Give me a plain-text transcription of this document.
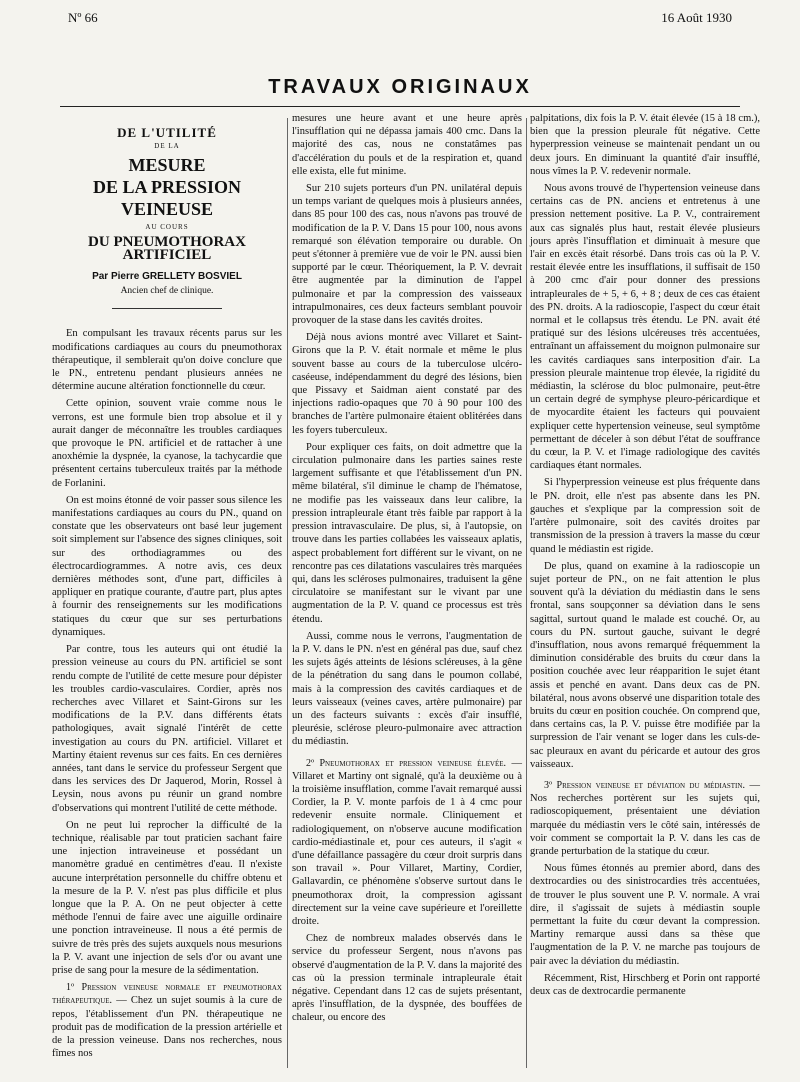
Nº 66	16 Août 1930
TRAVAUX ORIGINAUX
DE L'UTILITÉ
DE LA
MESURE
DE LA PRESSION VEINEUSE
AU COURS
DU PNEUMOTHORAX ARTIFICIEL
Par Pierre GRELLETY BOSVIEL
Ancien chef de clinique.

En compulsant les travaux récents parus sur les modifications cardiaques au cours du pneumothorax thérapeutique, il semblerait qu'on doive conclure que le PN., entretenu pendant plusieurs années ne détermine aucune altération fonctionnelle du cœur.

Cette opinion, souvent vraie comme nous le verrons, est une formule bien trop absolue et il y aurait danger de méconnaître les troubles cardiaques que provoque le PN. artificiel et de rattacher à une anoxhémie la dyspnée, la cyanose, la tachycardie que présentent certains tuberculeux traités par la méthode de Forlanini.

On est moins étonné de voir passer sous silence les manifestations cardiaques au cours du PN., quand on constate que les observateurs ont basé leur jugement soit simplement sur l'absence des signes cliniques, soit sur des orthodiagrammes ou des électrocardiogrammes. A notre avis, ces deux dernières méthodes sont, d'une part, difficiles à appliquer en pratique courante, d'autre part, plus aptes à fournir des renseignements sur les modifications statiques du cœur que sur ses perturbations dynamiques.

Par contre, tous les auteurs qui ont étudié la pression veineuse au cours du PN. artificiel se sont rendu compte de l'utilité de cette mesure pour dépister les troubles cardio-vasculaires. Cordier, après nos recherches avec Villaret et Saint-Girons sur les modifications de la P.V. dans différents états pathologiques, avait signalé l'intérêt de cette investigation au cours du PN. artificiel. Villaret et Martiny étaient revenus sur ces faits. En ces dernières années, tant dans le service du professeur Sergent que dans les services des Dr Jaquerod, Morin, Rossel à Leysin, nous avons pu réunir un grand nombre d'observations qui montrent l'utilité de cette méthode.

On ne peut lui reprocher la difficulté de la technique, réalisable par tout praticien sachant faire une injection intraveineuse et possédant un manomètre gradué en centimètres d'eau. Il n'existe aucune interprétation personnelle du chiffre obtenu et la mesure de la P. V. n'est pas plus difficile et plus longue que la P. A. On ne peut objecter à cette méthode l'ennui de faire avec une aiguille ordinaire une ponction intraveineuse. Il nous a été permis de suivre de très près des sujets auxquels nous mesurions la P. V. avant une injection de sels d'or ou avant une prise de sang pour la mesure de la sédimentation.

1º Pression veineuse normale et pneumothorax thérapeutique. — Chez un sujet soumis à la cure de repos, l'établissement d'un PN. thérapeutique ne produit pas de modification de la pression artérielle et de la pression veineuse. Dans nos recherches, nous fîmes nos

mesures une heure avant et une heure après l'insufflation qui ne dépassa jamais 400 cmc. Dans la majorité des cas, nous ne constatâmes pas d'accélération du pouls et de la respiration et, quand elle exista, elle fut minime.

Sur 210 sujets porteurs d'un PN. unilatéral depuis un temps variant de quelques mois à plusieurs années, dans 85 pour 100 des cas, nous n'avons pas trouvé de modification de la P. V. Dans 15 pour 100, nous avons remarqué son élévation temporaire ou durable. On peut s'étonner à première vue de voir le PN. aussi bien supporté par le cœur. Théoriquement, la P. V. devrait être augmentée par la diminution de l'appel pulmonaire et par la compression des vaisseaux intrapulmonaires, ces deux facteurs semblant pouvoir provoquer de la stase dans les cavités droites.

Déjà nous avions montré avec Villaret et Saint-Girons que la P. V. était normale et même le plus souvent basse au cours de la tuberculose ulcéro-caséeuse, indépendamment du degré des lésions, bien que Pissavy et Saidman aient constaté par des injections radio-opaques que 70 à 90 pour 100 des branches de l'artère pulmonaire étaient oblitérées dans les foyers tuberculeux.

Pour expliquer ces faits, on doit admettre que la circulation pulmonaire dans les parties saines reste largement suffisante et que l'établissement d'un PN. même bilatéral, s'il diminue le champ de l'hématose, ne modifie pas les vaisseaux dans leur calibre, la pression intrapleurale étant très faible par rapport à la pression intravasculaire. De plus, si, à l'autopsie, on trouve dans les parties collabées les vaisseaux aplatis, aspect probablement fort différent sur le vivant, on ne rencontre pas ces dilatations vasculaires très marquées qui, dans les scléroses pulmonaires, traduisent la gêne circulatoire se manifestant sur le vivant par une augmentation de la P. V. quand ce processus est très étendu.

Aussi, comme nous le verrons, l'augmentation de la P. V. dans le PN. n'est en général pas due, sauf chez les sujets âgés atteints de lésions scléreuses, à la gêne de la pénétration du sang dans le poumon collabé, mais à la compression des cavités cardiaques et de leurs vaisseaux (veines caves, artère pulmonaire) par un des facteurs suivants : excès d'air insufflé, pleurésie, sclérose pleuro-pulmonaire avec attraction du médiastin.

2º Pneumothorax et pression veineuse élevée. — Villaret et Martiny ont signalé, qu'à la deuxième ou à la troisième insufflation, comme l'avait remarqué aussi Cordier, la P. V. monte parfois de 1 à 4 cmc pour redevenir ensuite normale. Cliniquement et radiologiquement, on n'observe aucune modification cardio-médiastinale et, pour ces auteurs, il s'agit « d'une défaillance passagère du cœur droit surpris dans son travail ». Pour Villaret, Martiny, Cordier, Gallavardin, ce phénomène s'observe surtout dans le pneumothorax droit, la compression agissant directement sur la veine cave supérieure et l'oreillette droite.

Chez de nombreux malades observés dans le service du professeur Sergent, nous n'avons pas observé d'augmentation de la P. V. dans la majorité des cas où la pression terminale intrapleurale était négative. Cependant dans 12 cas de sujets présentant, après l'insufflation, de la dyspnée, des bouffées de chaleur, ou encore des

palpitations, dix fois la P. V. était élevée (15 à 18 cm.), bien que la pression pleurale fût négative. Cette hyperpression veineuse se maintenait pendant un ou deux jours. En diminuant la quantité d'air insufflé, nous vîmes la P. V. redevenir normale.

Nous avons trouvé de l'hypertension veineuse dans certains cas de PN. anciens et entretenus à une pression nettement positive. La P. V., contrairement aux cas signalés plus haut, restait élevée plusieurs jours après l'insufflation et diminuait à mesure que l'air en excès était résorbé. Dans trois cas où la P. V. restait élevée entre les insufflations, il suffisait de 150 à 200 cmc d'air pour donner des pressions intrapleurales de + 5, + 6, + 8 ; deux de ces cas étaient des PN. droits. A la radioscopie, l'aspect du cœur était normal et le collapsus très étendu. Le PN. avait été pratiqué sur des lésions ulcéreuses très accentuées, entraînant un affaissement du moignon pulmonaire sur les cavités cardiaques sans interposition d'air. La pression pleurale maintenue trop élevée, la rigidité du médiastin, la sclérose du bloc pulmonaire, peut-être un certain degré de symphyse pleuro-péricardique et de myocardite étaient les facteurs qui pouvaient expliquer cette hypertension veineuse, seul symptôme permettant de déceler à son début l'état de souffrance du cœur, la P. V. et l'image radiologique des cavités cardiaques étant normales.

Si l'hyperpression veineuse est plus fréquente dans le PN. droit, elle n'est pas absente dans les PN. gauches et s'explique par la compression soit de l'artère pulmonaire, soit des cavités droites par transmission de la pression à travers la masse du cœur quand le médiastin est rigide.

De plus, quand on examine à la radioscopie un sujet porteur de PN., on ne fait attention le plus souvent qu'à la déviation du médiastin dans le sens frontal, sans soupçonner sa déviation dans le sens sagittal, surtout quand le malade est couché. Or, au cours du PN. surtout gauche, suivant le degré d'insufflation, nous avons remarqué fréquemment la diminution considérable des bruits du cœur dans la position couchée avec leur réapparition le sujet étant assis et penché en avant. Dans deux cas de PN. bilatéral, nous avons observé une disparition totale des bruits du cœur en position couchée. On comprend que, dans certains cas, la P. V. puisse être modifiée par la surpression de l'air venant se loger dans les culs-de-sac pleuraux en avant du péricarde et autour des gros vaisseaux.

3º Pression veineuse et déviation du médiastin. — Nos recherches portèrent sur les sujets qui, radioscopiquement, présentaient une déviation marquée du médiastin vers le côté sain, intéressés de voir comment se comportait la P. V. dans les cas de grande perturbation de la statique du cœur.

Nous fûmes étonnés au premier abord, dans des dextrocardies ou des sinistrocardies très accentuées, de trouver le plus souvent une P. V. normale. A vrai dire, il s'agissait de sujets à médiastin souple permettant la fuite du cœur devant la compression. Martiny remarque aussi dans sa thèse que l'augmentation de la P. V. ne marche pas toujours de pair avec la déviation du médiastin.

Récemment, Rist, Hirschberg et Porin ont rapporté deux cas de dextrocardie permanente
